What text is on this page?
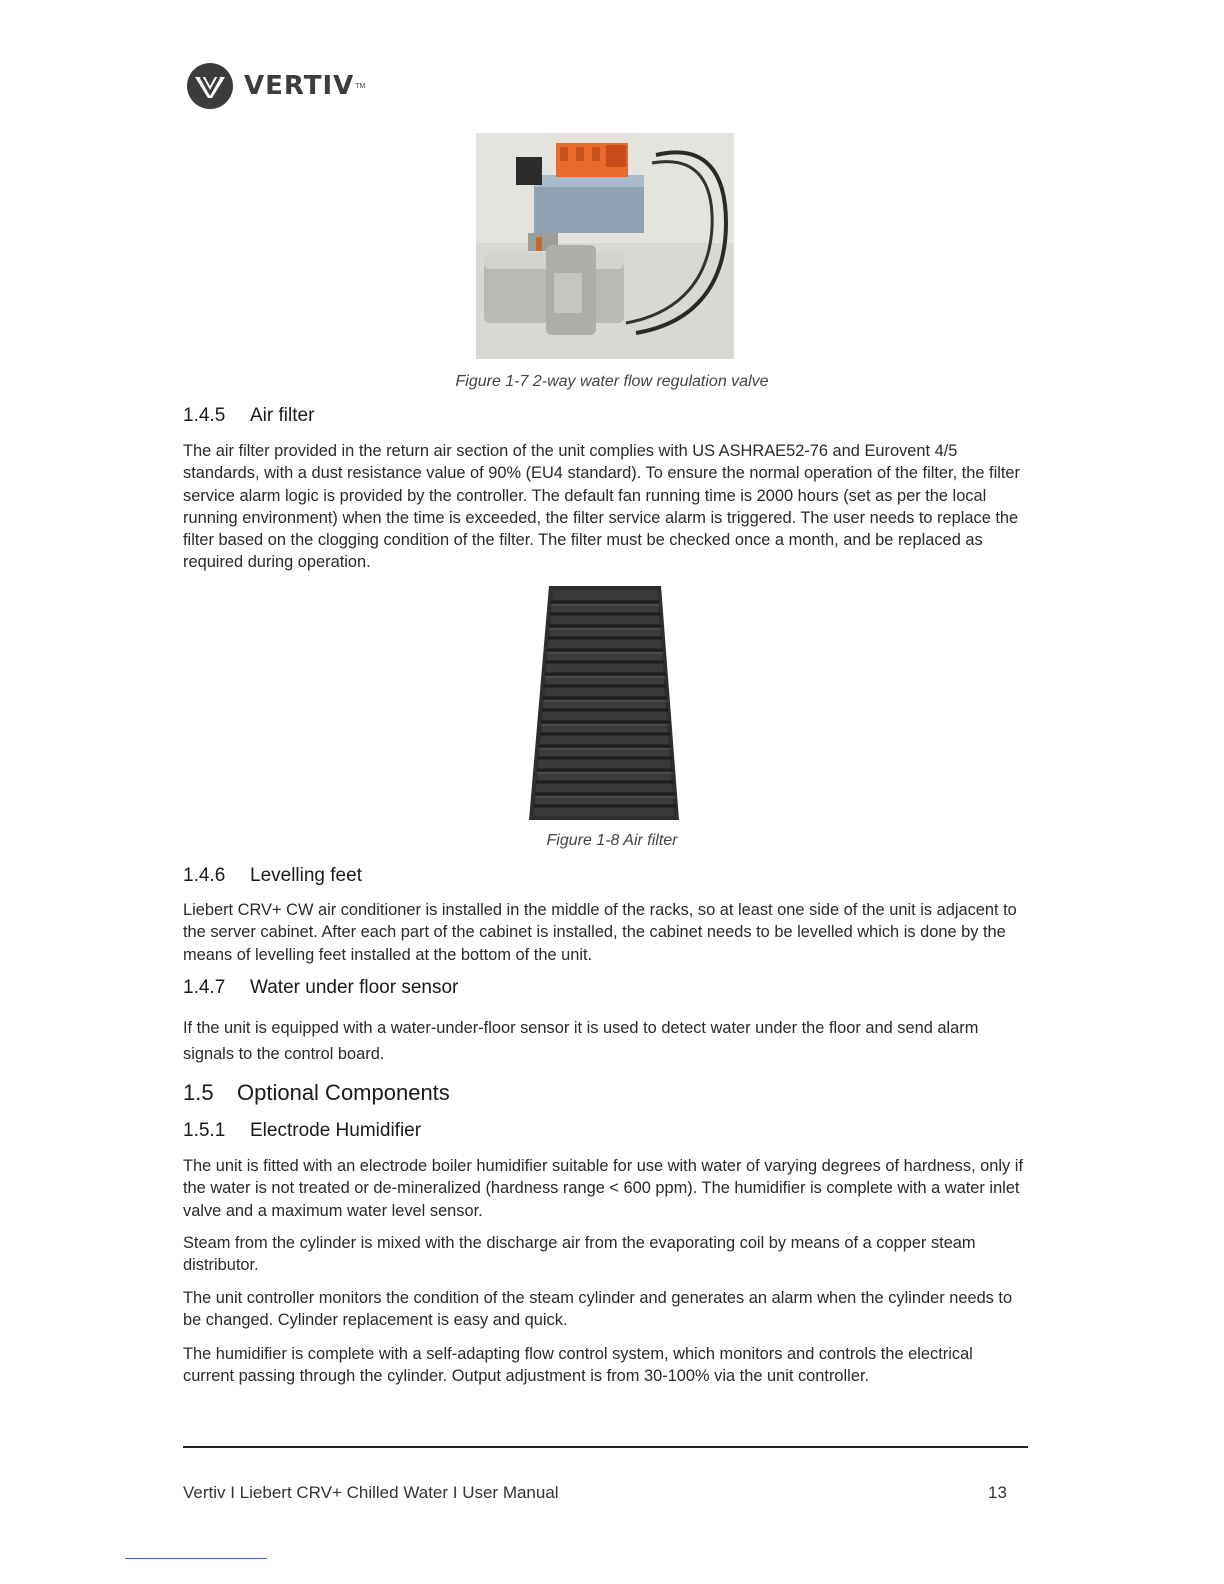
VERTIV TM
Figure 1-7 2-way water flow regulation valve
1.4.5 Air filter

The air filter provided in the return air section of the unit complies with US ASHRAE52-76 and Eurovent 4/5 standards, with a dust resistance value of 90% (EU4 standard). To ensure the normal operation of the filter, the filter service alarm logic is provided by the controller. The default fan running time is 2000 hours (set as per the local running environment) when the time is exceeded, the filter service alarm is triggered. The user needs to replace the filter based on the clogging condition of the filter. The filter must be checked once a month, and be replaced as required during operation.

Figure 1-8 Air filter
1.4.6 Levelling feet

Liebert CRV+ CW air conditioner is installed in the middle of the racks, so at least one side of the unit is adjacent to the server cabinet. After each part of the cabinet is installed, the cabinet needs to be levelled which is done by the means of levelling feet installed at the bottom of the unit.

1.4.7 Water under floor sensor

If the unit is equipped with a water-under-floor sensor it is used to detect water under the floor and send alarm signals to the control board.

1.5 Optional Components
1.5.1 Electrode Humidifier

The unit is fitted with an electrode boiler humidifier suitable for use with water of varying degrees of hardness, only if the water is not treated or de-mineralized (hardness range < 600 ppm). The humidifier is complete with a water inlet valve and a maximum water level sensor.

Steam from the cylinder is mixed with the discharge air from the evaporating coil by means of a copper steam distributor.

The unit controller monitors the condition of the steam cylinder and generates an alarm when the cylinder needs to be changed. Cylinder replacement is easy and quick.

The humidifier is complete with a self-adapting flow control system, which monitors and controls the electrical current passing through the cylinder. Output adjustment is from 30-100% via the unit controller.

Vertiv I Liebert CRV+ Chilled Water I User Manual	13
